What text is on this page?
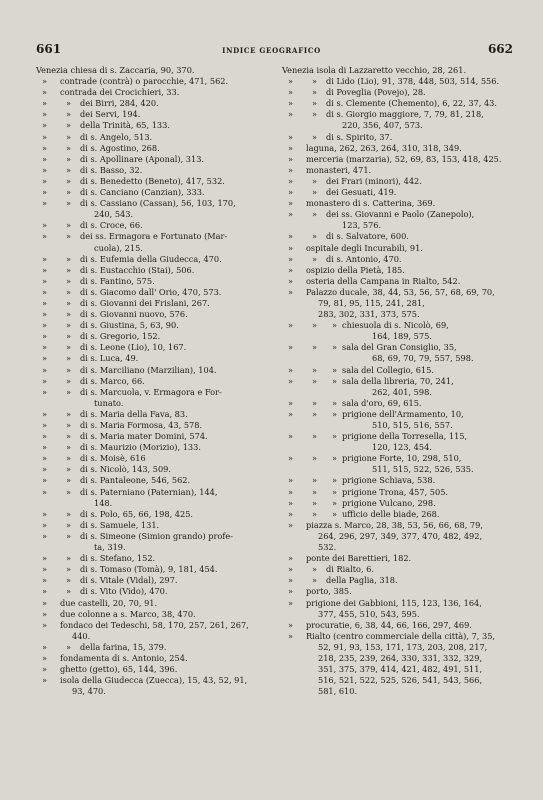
661	INDICE GEOGRAFICO	662
Venezia chiesa di s. Zaccaria, 90, 370.
» contrade (contrà) o parocchie, 471, 562.
» contrada dei Crocichieri, 33.
» » dei Birri, 284, 420.
» » dei Servi, 194.
» » della Trinità, 65, 133.
» » di s. Angelo, 513.
» » di s. Agostino, 268.
» » di s. Apollinare (Aponal), 313.
» » di s. Basso, 32.
» » di s. Benedetto (Beneto), 417, 532.
» » di s. Canciano (Canzian), 333.
» » di s. Cassiano (Cassan), 56, 103, 170,
240, 543.
» » di s. Croce, 66.
» » dei ss. Ermagora e Fortunato (Mar-
cuola), 215.
» » di s. Eufemia della Giudecca, 470.
» » di s. Eustacchio (Stai), 506.
» » di s. Fantino, 575.
» » di s. Giacomo dall' Orio, 470, 573.
» » di s. Giovanni dei Frislani, 267.
» » di s. Giovanni nuovo, 576.
» » di s. Giustina, 5, 63, 90.
» » di s. Gregorio, 152.
» » di s. Leone (Lio), 10, 167.
» » di s. Luca, 49.
» » di s. Marciliano (Marzilian), 104.
» » di s. Marco, 66.
» » di s. Marcuola, v. Ermagora e For-
tunato.
» » di s. Maria della Fava, 83.
» » di s. Maria Formosa, 43, 578.
» » di s. Maria mater Domini, 574.
» » di s. Maurizio (Morizio), 133.
» » di s. Moisè, 616
» » di s. Nicolò, 143, 509.
» » di s. Pantaleone, 546, 562.
» » di s. Paterniano (Paternian), 144,
148.
» » di s. Polo, 65, 66, 198, 425.
» » di s. Samuele, 131.
» » di s. Simeone (Simion grando) profe-
ta, 319.
» » di s. Stefano, 152.
» » di s. Tomaso (Tomà), 9, 181, 454.
» » di s. Vitale (Vidal), 297.
» » di s. Vito (Vido), 470.
» due castelli, 20, 70, 91.
» due colonne a s. Marco, 38, 470.
» fondaco dei Tedeschi, 58, 170, 257, 261, 267,
440.
» » della farina, 15, 379.
» fondamenta di s. Antonio, 254.
» ghetto (getto), 65, 144, 396.
» isola della Giudecca (Zuecca), 15, 43, 52, 91,
93, 470.
Venezia isola di Lazzaretto vecchio, 28, 261.
» » di Lido (Lio), 91, 378, 448, 503, 514, 556.
» » di Poveglia (Povejo), 28.
» » di s. Clemente (Chemento), 6, 22, 37, 43.
» » di s. Giorgio maggiore, 7, 79, 81, 218,
220, 356, 407, 573.
» » di s. Spirito, 37.
» laguna, 262, 263, 264, 310, 318, 349.
» merceria (marzaria), 52, 69, 83, 153, 418, 425.
» monasteri, 471.
» » dei Frari (minori), 442.
» » dei Gesuati, 419.
» monastero di s. Catterina, 369.
» » dei ss. Giovanni e Paolo (Zanepolo),
123, 576.
» » di s. Salvatore, 600.
» ospitale degli Incurabili, 91.
» » di s. Antonio, 470.
» ospizio della Pietà, 185.
» osteria della Campana in Rialto, 542.
» Palazzo ducale, 38, 44, 53, 56, 57, 68, 69, 70,
79, 81, 95, 115, 241, 281,
283, 302, 331, 373, 575.
» » » chiesuola di s. Nicolò, 69,
164, 189, 575.
» » » sala del Gran Consiglio, 35,
68, 69, 70, 79, 557, 598.
» » » sala del Collegio, 615.
» » » sala della libreria, 70, 241,
262, 401, 598.
» » » sala d'oro, 69, 615.
» » » prigione dell'Armamento, 10,
510, 515, 516, 557.
» » » prigione della Torresella, 115,
120, 123, 454.
» » » prigione Forte, 10, 298, 510,
511, 515, 522, 526, 535.
» » » prigione Schiava, 538.
» » » prigione Trona, 457, 505.
» » » prigione Vulcano, 298.
» » » ufficio delle biade, 268.
» piazza s. Marco, 28, 38, 53, 56, 66, 68, 79,
264, 296, 297, 349, 377, 470, 482, 492,
532.
» ponte dei Barettieri, 182.
» » di Rialto, 6.
» » della Paglia, 318.
» porto, 385.
» prigione dei Gabbioni, 115, 123, 136, 164,
377, 455, 510, 543, 595.
» procuratie, 6, 38, 44, 66, 166, 297, 469.
» Rialto (centro commerciale della città), 7, 35,
52, 91, 93, 153, 171, 173, 203, 208, 217,
218, 235, 239, 264, 330, 331, 332, 329,
351, 375, 379, 414, 421, 482, 491, 511,
516, 521, 522, 525, 526, 541, 543, 566,
581, 610.
